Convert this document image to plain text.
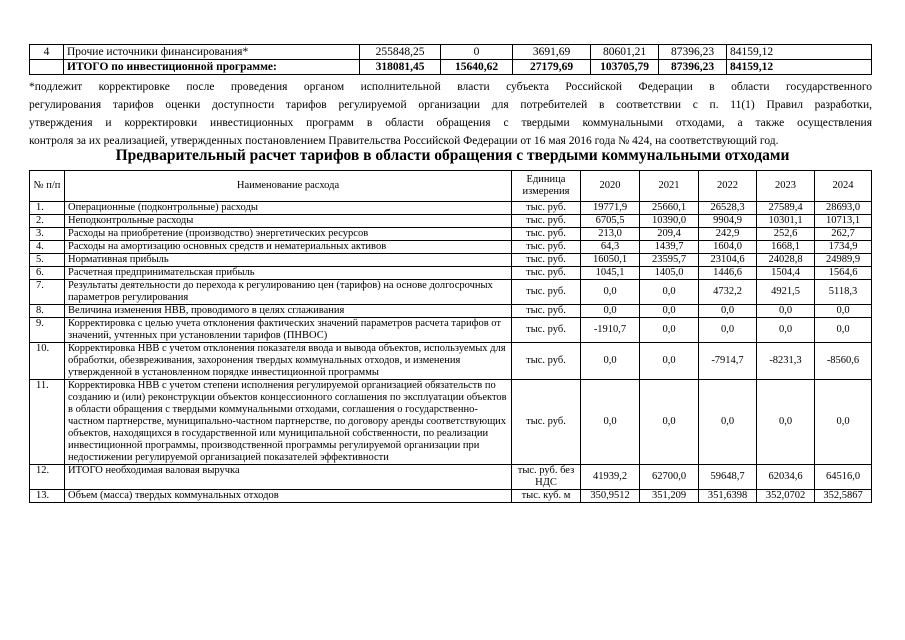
4	Прочие источники финансирования*	255848,25	0	3691,69	80601,21	87396,23	84159,12
	ИТОГО по инвестиционной программе:	318081,45	15640,62	27179,69	103705,79	87396,23	84159,12
*подлежит корректировке после проведения органом исполнительной власти субъекта Российской Федерации в области государственного
регулирования тарифов оценки доступности тарифов регулируемой организации для потребителей в соответствии с п. 11(1) Правил разработки,
утверждения и корректировки инвестиционных программ в области обращения с твердыми коммунальными отходами, а также осуществления
контроля за их реализацией, утвержденных постановлением Правительства Российской Федерации от 16 мая 2016 года № 424, на соответствующий год.
Предварительный расчет тарифов в области обращения с твердыми коммунальными отходами
№ п/п	Наименование расхода	Единица измерения	2020	2021	2022	2023	2024
1.	Операционные (подконтрольные) расходы	тыс. руб.	19771,9	25660,1	26528,3	27589,4	28693,0
2.	Неподконтрольные расходы	тыс. руб.	6705,5	10390,0	9904,9	10301,1	10713,1
3.	Расходы на приобретение (производство) энергетических ресурсов	тыс. руб.	213,0	209,4	242,9	252,6	262,7
4.	Расходы на амортизацию основных средств и нематериальных активов	тыс. руб.	64,3	1439,7	1604,0	1668,1	1734,9
5.	Нормативная прибыль	тыс. руб.	16050,1	23595,7	23104,6	24028,8	24989,9
6.	Расчетная предпринимательская прибыль	тыс. руб.	1045,1	1405,0	1446,6	1504,4	1564,6
7.	Результаты деятельности до перехода к регулированию цен (тарифов) на основе долгосрочных параметров регулирования	тыс. руб.	0,0	0,0	4732,2	4921,5	5118,3
8.	Величина изменения НВВ, проводимого в целях сглаживания	тыс. руб.	0,0	0,0	0,0	0,0	0,0
9.	Корректировка с целью учета отклонения фактических значений параметров расчета тарифов от значений, учтенных при установлении тарифов (ПНВОС)	тыс. руб.	-1910,7	0,0	0,0	0,0	0,0
10.	Корректировка НВВ с учетом отклонения показателя ввода и вывода объектов, используемых для обработки, обезвреживания, захоронения твердых коммунальных отходов, и изменения утвержденной в установленном порядке инвестиционной программы	тыс. руб.	0,0	0,0	-7914,7	-8231,3	-8560,6
11.	Корректировка НВВ с учетом степени исполнения регулируемой организацией обязательств по созданию и (или) реконструкции объектов концессионного соглашения по эксплуатации объектов в области обращения с твердыми коммунальными отходами, соглашения о государственно-частном партнерстве, муниципально-частном партнерстве, по договору аренды соответствующих объектов, находящихся в государственной или муниципальной собственности, по реализации инвестиционной программы, производственной программы регулируемой организации при недостижении регулируемой организацией показателей эффективности	тыс. руб.	0,0	0,0	0,0	0,0	0,0
12.	ИТОГО необходимая валовая выручка	тыс. руб. без НДС	41939,2	62700,0	59648,7	62034,6	64516,0
13.	Объем (масса) твердых коммунальных отходов	тыс. куб. м	350,9512	351,209	351,6398	352,0702	352,5867
